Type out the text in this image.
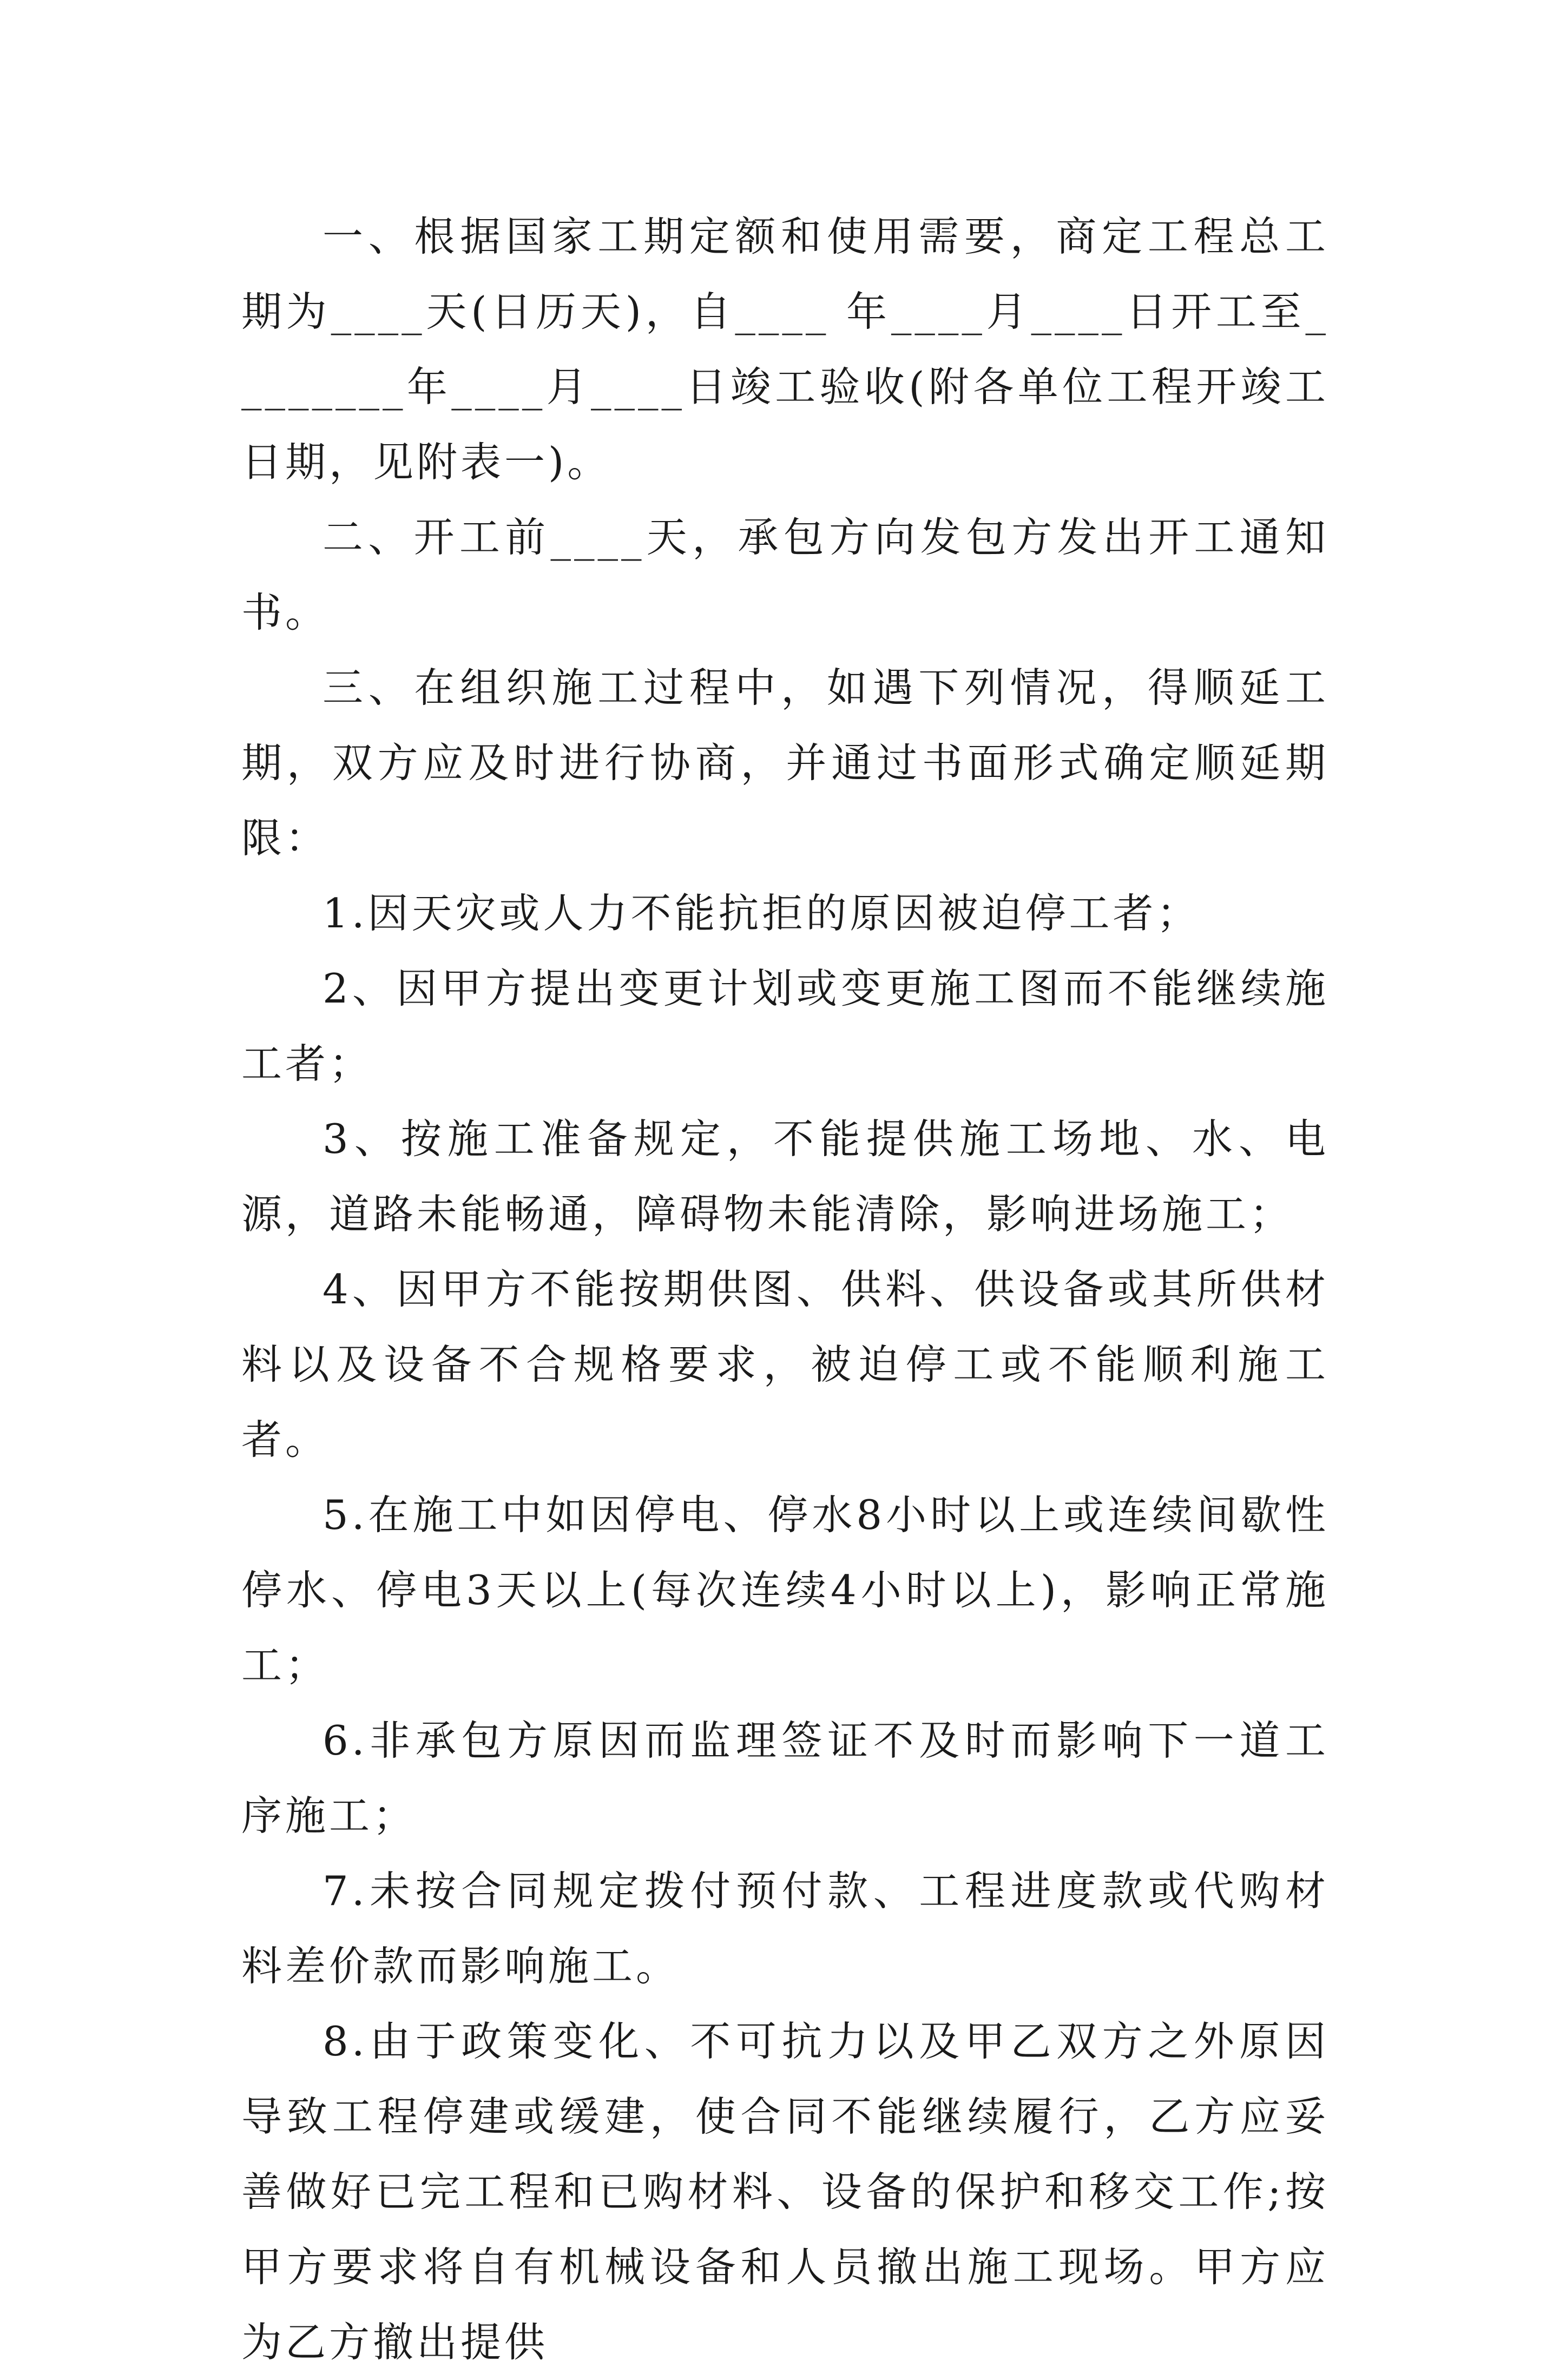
一、根据国家工期定额和使用需要，商定工程总工期为____天(日历天)，自____ 年____月____日开工至________年____月____日竣工验收(附各单位工程开竣工日期，见附表一)。

二、开工前____天，承包方向发包方发出开工通知书。

三、在组织施工过程中，如遇下列情况，得顺延工期，双方应及时进行协商，并通过书面形式确定顺延期限：

1.因天灾或人力不能抗拒的原因被迫停工者；

2、因甲方提出变更计划或变更施工图而不能继续施工者；

3、按施工准备规定，不能提供施工场地、水、电源，道路未能畅通，障碍物未能清除，影响进场施工；

4、因甲方不能按期供图、供料、供设备或其所供材料以及设备不合规格要求，被迫停工或不能顺利施工者。

5.在施工中如因停电、停水8小时以上或连续间歇性停水、停电3天以上(每次连续4小时以上)，影响正常施工；

6.非承包方原因而监理签证不及时而影响下一道工序施工；

7.未按合同规定拨付预付款、工程进度款或代购材料差价款而影响施工。

8.由于政策变化、不可抗力以及甲乙双方之外原因导致工程停建或缓建，使合同不能继续履行，乙方应妥善做好已完工程和已购材料、设备的保护和移交工作;按甲方要求将自有机械设备和人员撤出施工现场。甲方应为乙方撤出提供
